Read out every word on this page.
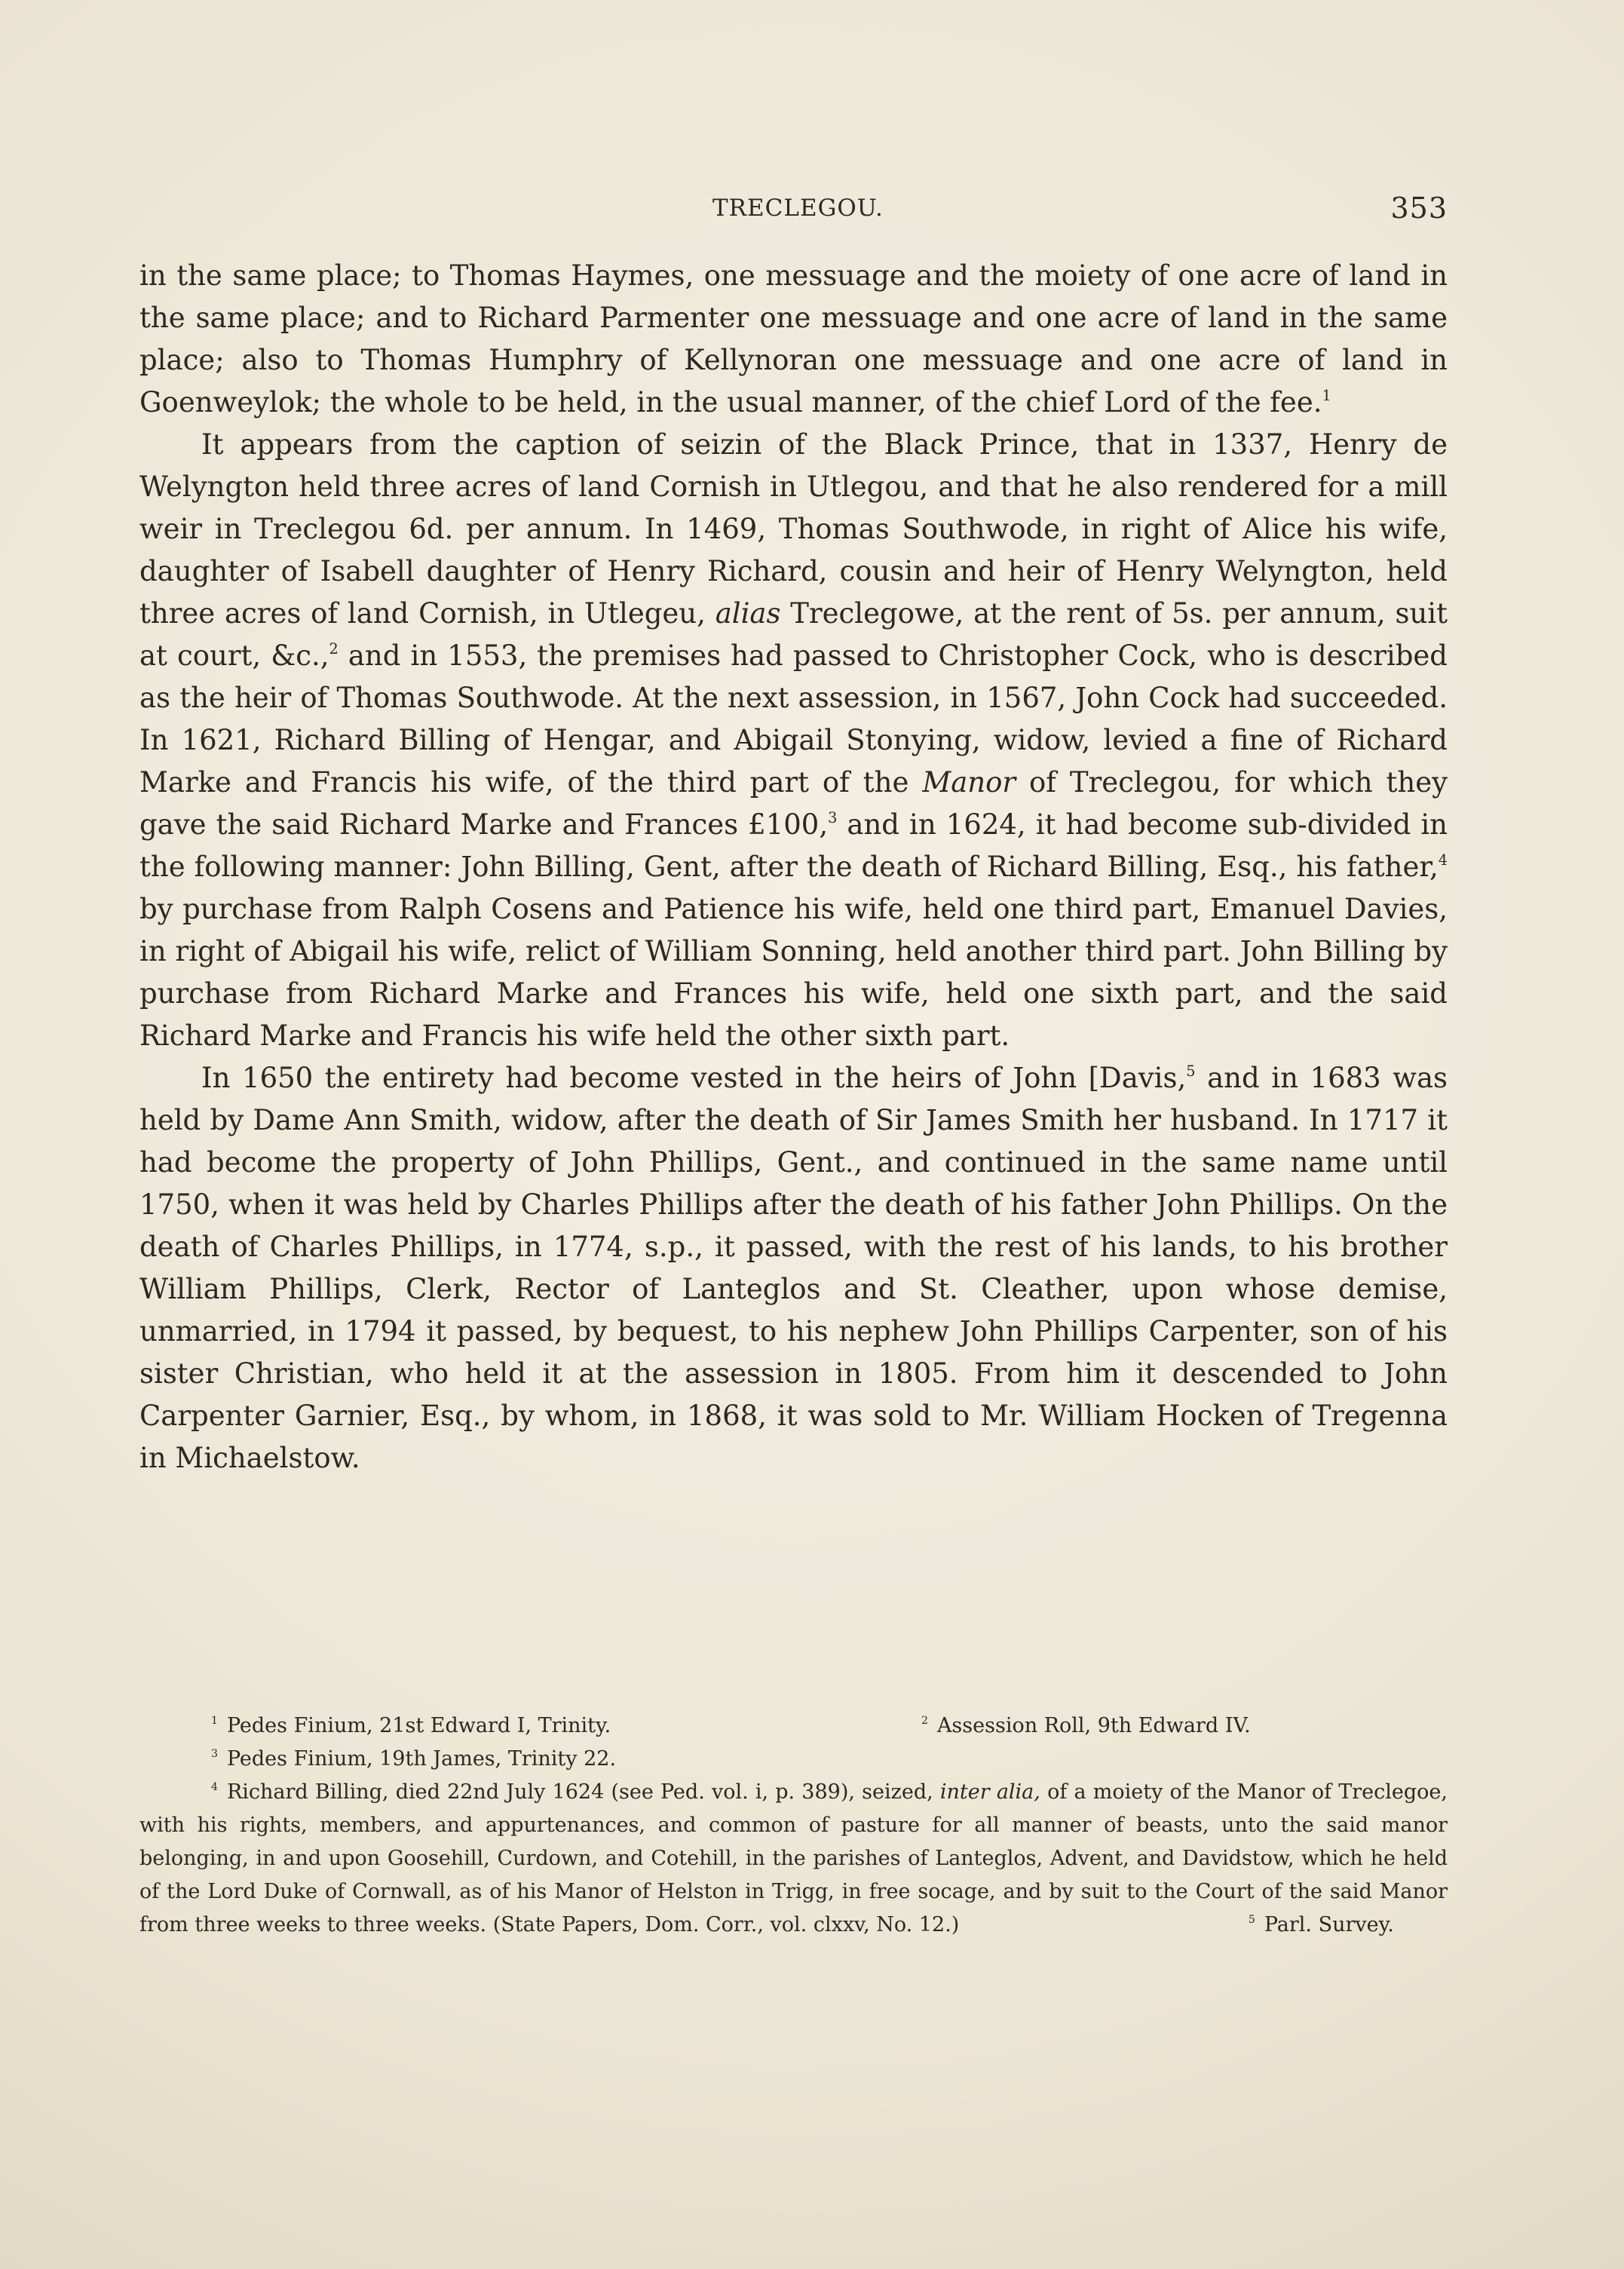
TRECLEGOU.	353

in the same place; to Thomas Haymes, one messuage and the moiety of one acre of land in the same place; and to Richard Parmenter one messuage and one acre of land in the same place; also to Thomas Humphry of Kellynoran one messuage and one acre of land in Goenweylok; the whole to be held, in the usual manner, of the chief Lord of the fee.$^1$

It appears from the caption of seizin of the Black Prince, that in 1337, Henry de Welyngton held three acres of land Cornish in Utlegou, and that he also rendered for a mill weir in Treclegou 6d. per annum. In 1469, Thomas Southwode, in right of Alice his wife, daughter of Isabell daughter of Henry Richard, cousin and heir of Henry Welyngton, held three acres of land Cornish, in Utlegeu, alias Treclegowe, at the rent of 5s. per annum, suit at court, &c.,$^2$ and in 1553, the premises had passed to Christopher Cock, who is described as the heir of Thomas Southwode. At the next assession, in 1567, John Cock had succeeded. In 1621, Richard Billing of Hengar, and Abigail Stonying, widow, levied a fine of Richard Marke and Francis his wife, of the third part of the Manor of Treclegou, for which they gave the said Richard Marke and Frances £100,$^3$ and in 1624, it had become sub-divided in the following manner: John Billing, Gent, after the death of Richard Billing, Esq., his father,$^4$ by purchase from Ralph Cosens and Patience his wife, held one third part, Emanuel Davies, in right of Abigail his wife, relict of William Sonning, held another third part. John Billing by purchase from Richard Marke and Frances his wife, held one sixth part, and the said Richard Marke and Francis his wife held the other sixth part.

In 1650 the entirety had become vested in the heirs of John [Davis,$^5$ and in 1683 was held by Dame Ann Smith, widow, after the death of Sir James Smith her husband. In 1717 it had become the property of John Phillips, Gent., and continued in the same name until 1750, when it was held by Charles Phillips after the death of his father John Phillips. On the death of Charles Phillips, in 1774, s.p., it passed, with the rest of his lands, to his brother William Phillips, Clerk, Rector of Lanteglos and St. Cleather, upon whose demise, unmarried, in 1794 it passed, by bequest, to his nephew John Phillips Carpenter, son of his sister Christian, who held it at the assession in 1805. From him it descended to John Carpenter Garnier, Esq., by whom, in 1868, it was sold to Mr. William Hocken of Tregenna in Michaelstow.

$^1$ Pedes Finium, 21st Edward I, Trinity.	$^2$ Assession Roll, 9th Edward IV.
$^3$ Pedes Finium, 19th James, Trinity 22.

$^4$ Richard Billing, died 22nd July 1624 (see Ped. vol. i, p. 389), seized, inter alia, of a moiety of the Manor of Treclegoe, with his rights, members, and appurtenances, and common of pasture for all manner of beasts, unto the said manor belonging, in and upon Goosehill, Curdown, and Cotehill, in the parishes of Lanteglos, Advent, and Davidstow, which he held of the Lord Duke of Cornwall, as of his Manor of Helston in Trigg, in free socage, and by suit to the Court of the said Manor from three weeks to three weeks. (State Papers, Dom. Corr., vol. clxxv, No. 12.)	$^5$ Parl. Survey.
